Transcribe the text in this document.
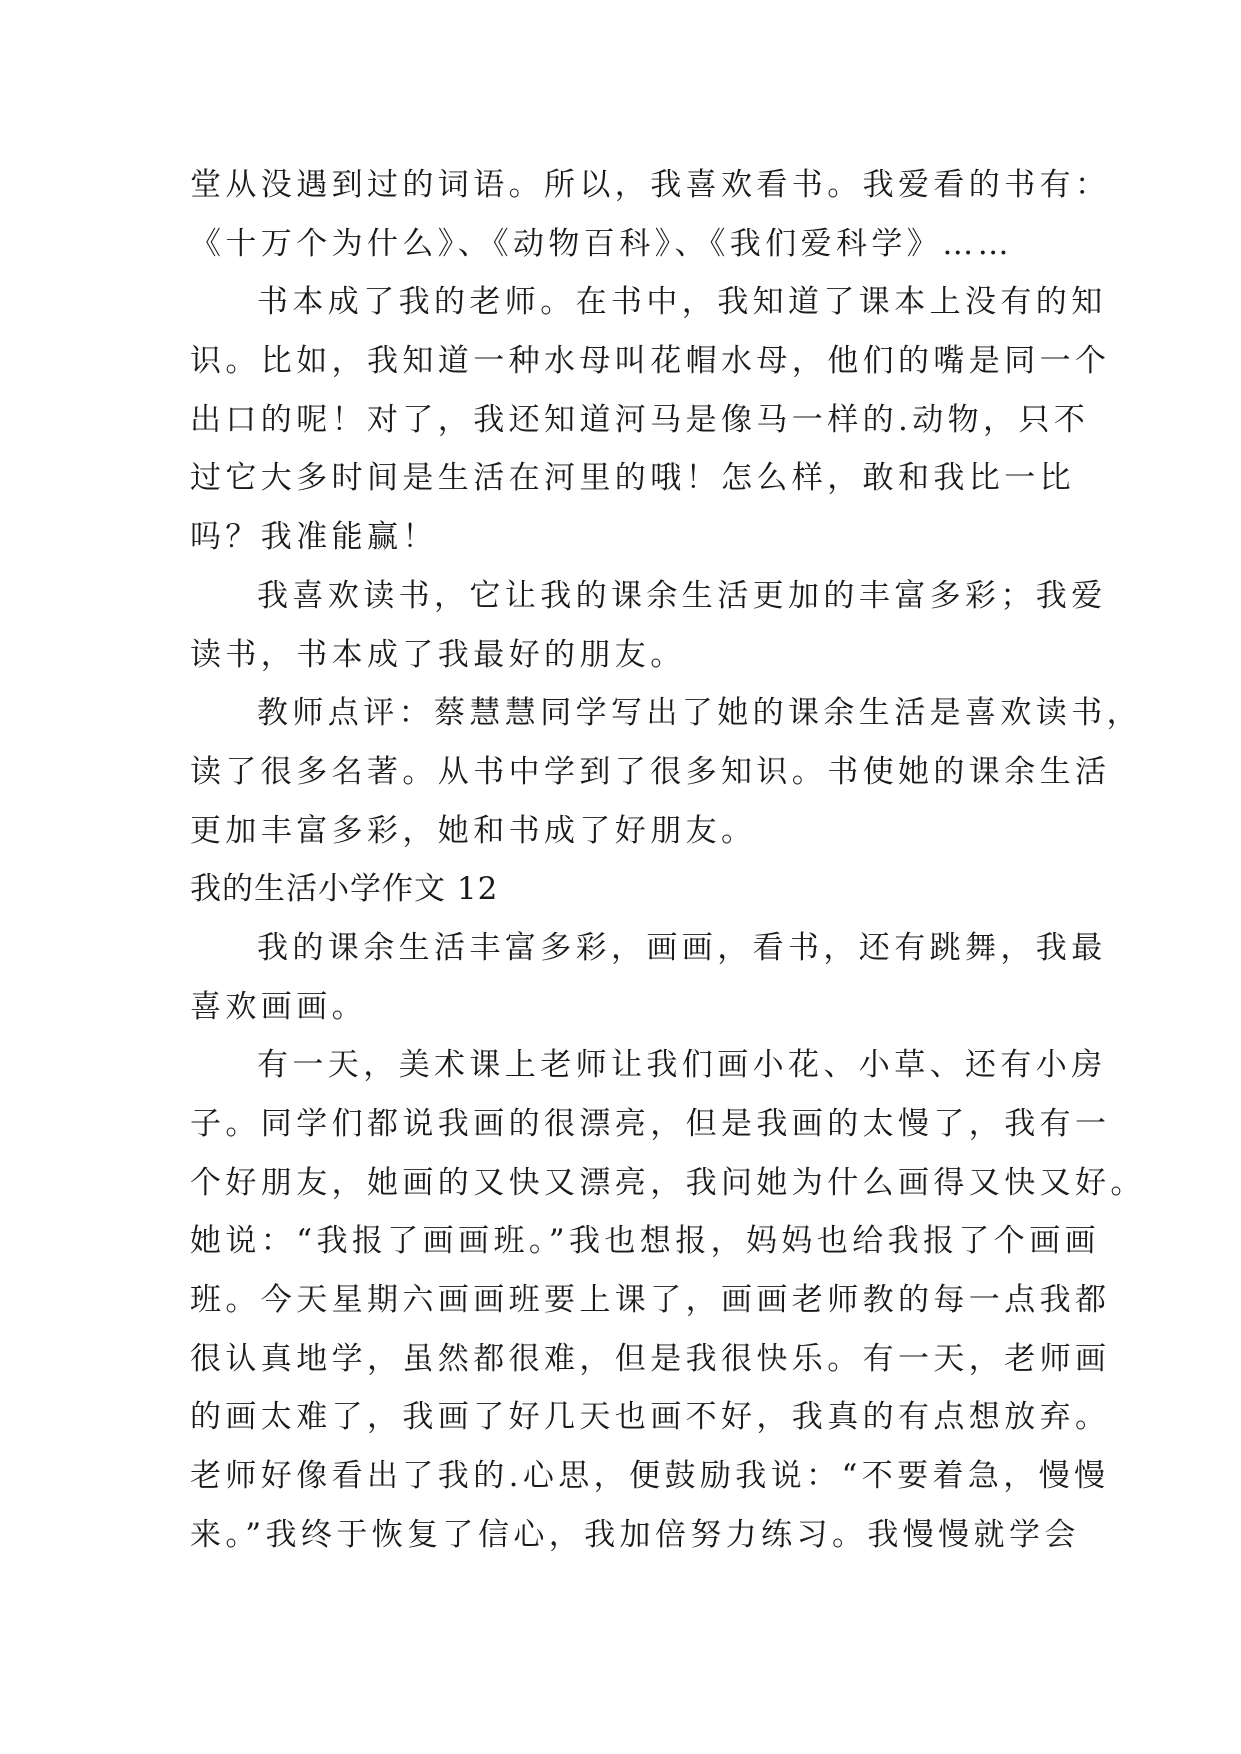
堂从没遇到过的词语。所以，我喜欢看书。我爱看的书有：
《十万个为什么》、《动物百科》、《我们爱科学》……
书本成了我的老师。在书中，我知道了课本上没有的知
识。比如，我知道一种水母叫花帽水母，他们的嘴是同一个
出口的呢！对了，我还知道河马是像马一样的.动物，只不
过它大多时间是生活在河里的哦！怎么样，敢和我比一比
吗？我准能赢！
我喜欢读书，它让我的课余生活更加的丰富多彩；我爱
读书，书本成了我最好的朋友。
教师点评：蔡慧慧同学写出了她的课余生活是喜欢读书，
读了很多名著。从书中学到了很多知识。书使她的课余生活
更加丰富多彩，她和书成了好朋友。
我的生活小学作文 12
我的课余生活丰富多彩，画画，看书，还有跳舞，我最
喜欢画画。
有一天，美术课上老师让我们画小花、小草、还有小房
子。同学们都说我画的很漂亮，但是我画的太慢了，我有一
个好朋友，她画的又快又漂亮，我问她为什么画得又快又好。
她说：“我报了画画班。”我也想报，妈妈也给我报了个画画
班。今天星期六画画班要上课了，画画老师教的每一点我都
很认真地学，虽然都很难，但是我很快乐。有一天，老师画
的画太难了，我画了好几天也画不好，我真的有点想放弃。
老师好像看出了我的.心思，便鼓励我说：“不要着急，慢慢
来。”我终于恢复了信心，我加倍努力练习。我慢慢就学会
